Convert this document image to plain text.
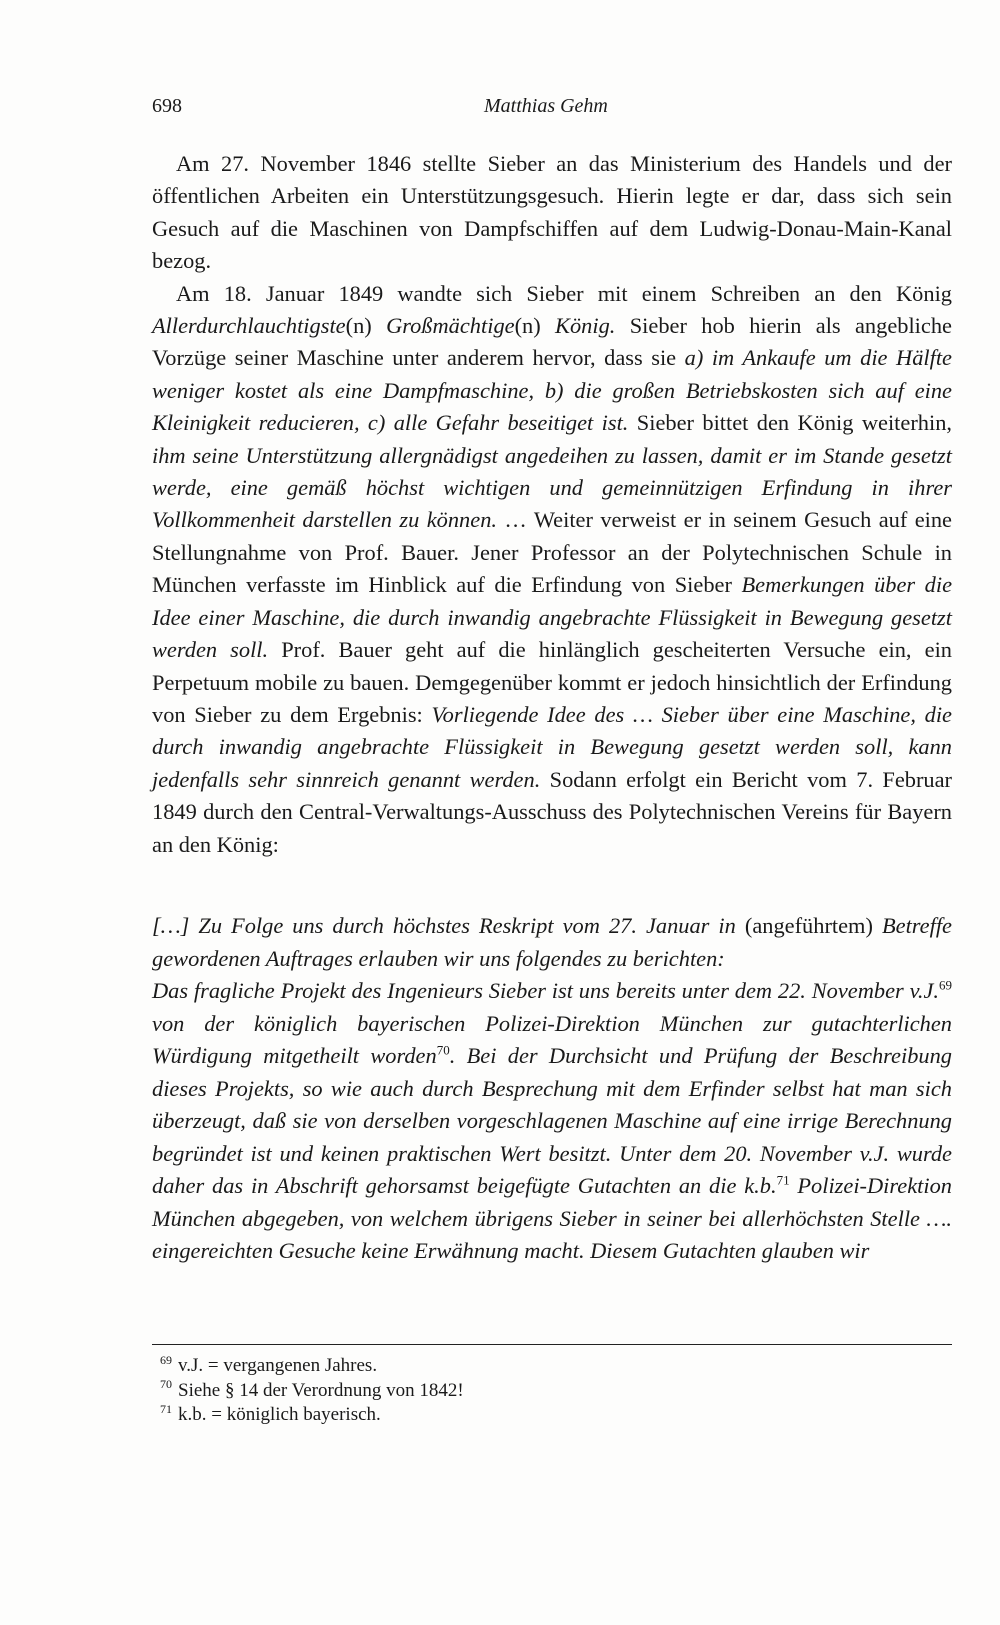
698	Matthias Gehm

Am 27. November 1846 stellte Sieber an das Ministerium des Handels und der öffentlichen Arbeiten ein Unterstützungsgesuch. Hierin legte er dar, dass sich sein Gesuch auf die Maschinen von Dampfschiffen auf dem Ludwig-Donau-Main-Kanal bezog.

Am 18. Januar 1849 wandte sich Sieber mit einem Schreiben an den König Allerdurchlauchtigste(n) Großmächtige(n) König. Sieber hob hierin als angebliche Vorzüge seiner Maschine unter anderem hervor, dass sie a) im Ankaufe um die Hälfte weniger kostet als eine Dampfmaschine, b) die großen Betriebskosten sich auf eine Kleinigkeit reducieren, c) alle Gefahr beseitiget ist. Sieber bittet den König weiterhin, ihm seine Unterstützung allergnädigst angedeihen zu lassen, damit er im Stande gesetzt werde, eine gemäß höchst wichtigen und gemeinnützigen Erfindung in ihrer Vollkommenheit darstellen zu können. … Weiter verweist er in seinem Gesuch auf eine Stellungnahme von Prof. Bauer. Jener Professor an der Polytechnischen Schule in München verfasste im Hinblick auf die Erfindung von Sieber Bemerkungen über die Idee einer Maschine, die durch inwandig angebrachte Flüssigkeit in Bewegung gesetzt werden soll. Prof. Bauer geht auf die hinlänglich gescheiterten Versuche ein, ein Perpetuum mobile zu bauen. Demgegenüber kommt er jedoch hinsichtlich der Erfindung von Sieber zu dem Ergebnis: Vorliegende Idee des … Sieber über eine Maschine, die durch inwandig angebrachte Flüssigkeit in Bewegung gesetzt werden soll, kann jedenfalls sehr sinnreich genannt werden. Sodann erfolgt ein Bericht vom 7. Februar 1849 durch den Central-Verwaltungs-Ausschuss des Polytechnischen Vereins für Bayern an den König:

[…] Zu Folge uns durch höchstes Reskript vom 27. Januar in (angeführtem) Betreffe gewordenen Auftrages erlauben wir uns folgendes zu berichten:

Das fragliche Projekt des Ingenieurs Sieber ist uns bereits unter dem 22. November v.J.$^{69}$ von der königlich bayerischen Polizei-Direktion München zur gutachterlichen Würdigung mitgetheilt worden$^{70}$. Bei der Durchsicht und Prüfung der Beschreibung dieses Projekts, so wie auch durch Besprechung mit dem Erfinder selbst hat man sich überzeugt, daß sie von derselben vorgeschlagenen Maschine auf eine irrige Berechnung begründet ist und keinen praktischen Wert besitzt. Unter dem 20. November v.J. wurde daher das in Abschrift gehorsamst beigefügte Gutachten an die k.b.$^{71}$ Polizei-Direktion München abgegeben, von welchem übrigens Sieber in seiner bei allerhöchsten Stelle …. eingereichten Gesuche keine Erwähnung macht. Diesem Gutachten glauben wir

$^{69}$ v.J. = vergangenen Jahres.
$^{70}$ Siehe § 14 der Verordnung von 1842!
$^{71}$ k.b. = königlich bayerisch.
